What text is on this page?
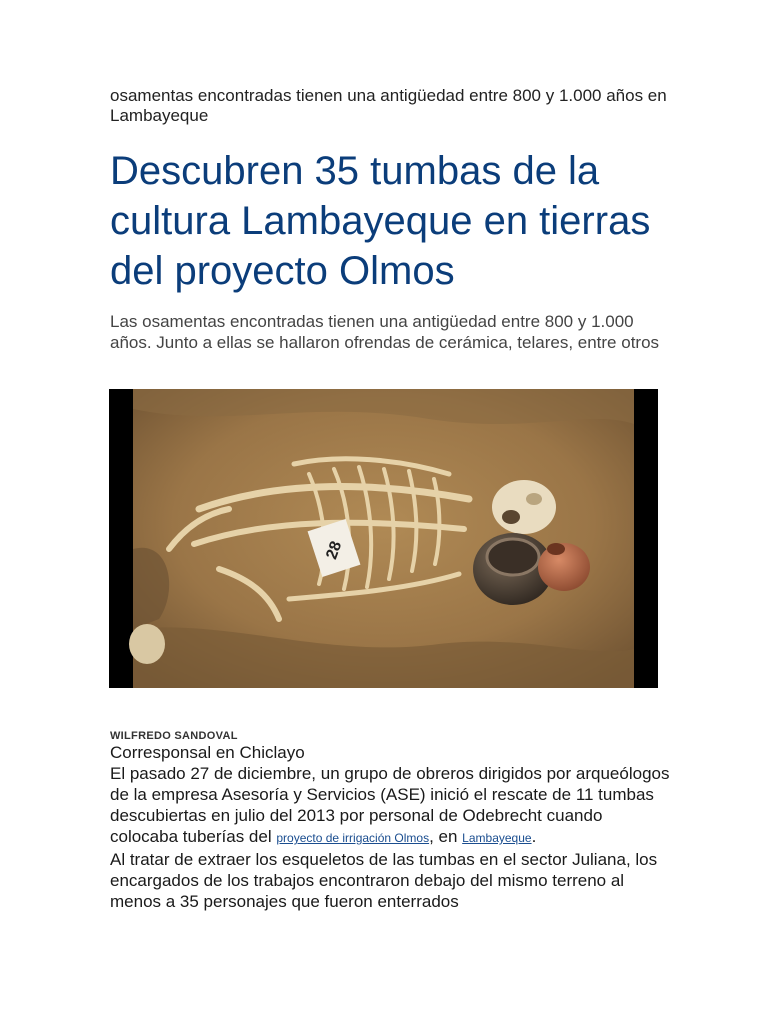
osamentas encontradas tienen una antigüedad entre 800 y 1.000 años en Lambayeque
Descubren 35 tumbas de la cultura Lambayeque en tierras del proyecto Olmos
Las osamentas encontradas tienen una antigüedad entre 800 y 1.000 años. Junto a ellas se hallaron ofrendas de cerámica, telares, entre otros
28
WILFREDO SANDOVAL

Corresponsal en Chiclayo

El pasado 27 de diciembre, un grupo de obreros dirigidos por arqueólogos de la empresa Asesoría y Servicios (ASE) inició el rescate de 11 tumbas descubiertas en julio del 2013 por personal de Odebrecht cuando colocaba tuberías del proyecto de irrigación Olmos, en Lambayeque.

Al tratar de extraer los esqueletos de las tumbas en el sector Juliana, los encargados de los trabajos encontraron debajo del mismo terreno al menos a 35 personajes que fueron enterrados
